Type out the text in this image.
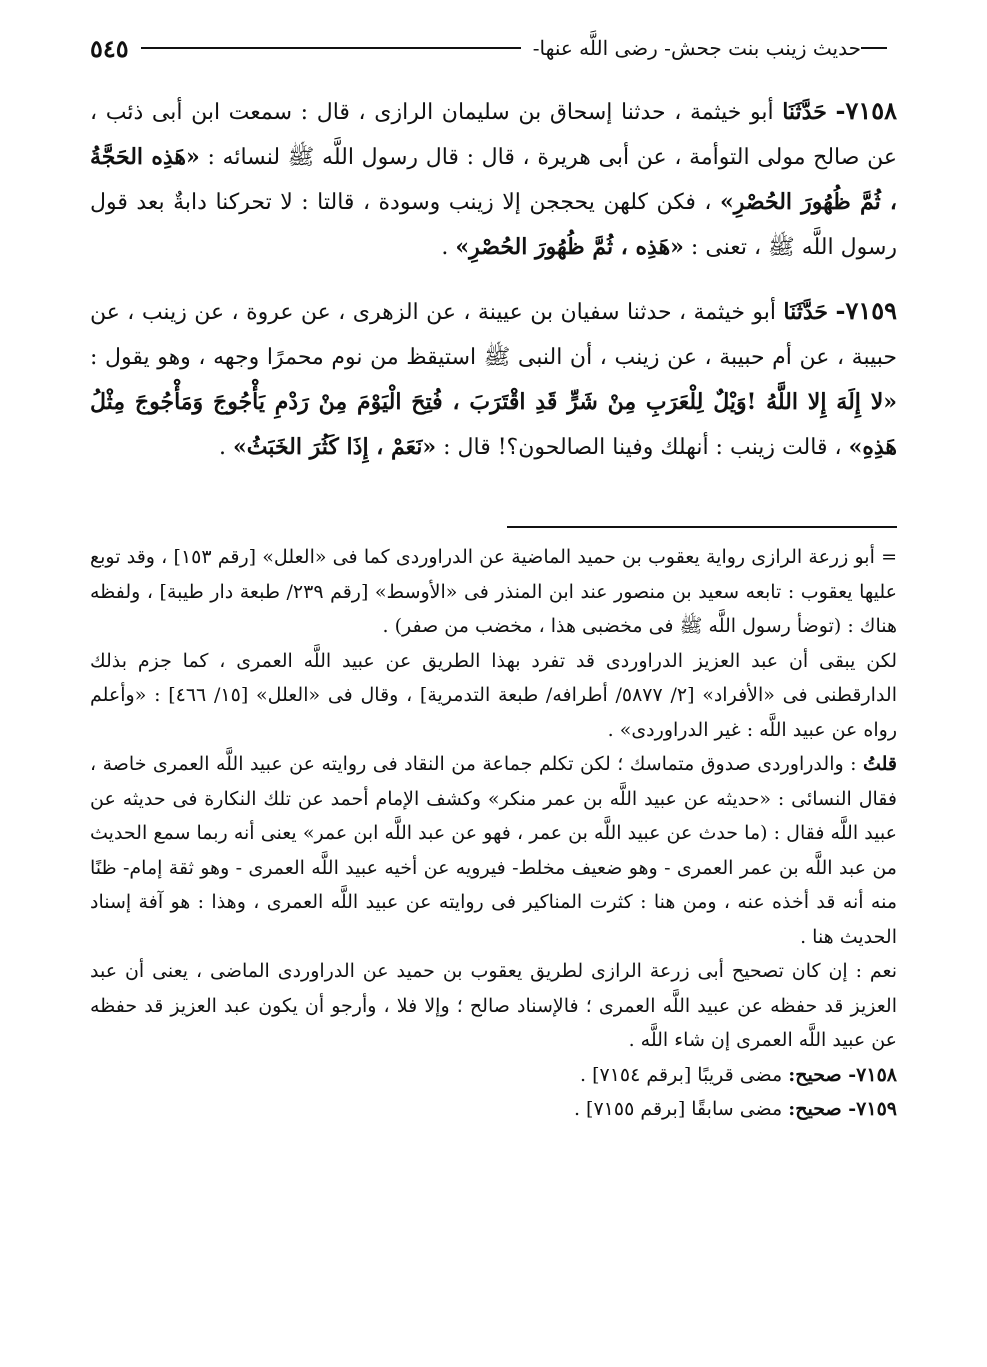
حديث زينب بنت جحش- رضى اللَّه عنها-
٥٤٥

٧١٥٨- حَدَّثَنَا أبو خيثمة ، حدثنا إسحاق بن سليمان الرازى ، قال : سمعت ابن أبى ذئب ، عن صالح مولى التوأمة ، عن أبى هريرة ، قال : قال رسول اللَّه ﷺ لنسائه : «هَذِه الحَجَّةُ ، ثُمَّ ظُهُورَ الحُصْرِ» ، فكن كلهن يحججن إلا زينب وسودة ، قالتا : لا تحركنا دابةٌ بعد قول رسول اللَّه ﷺ ، تعنى : «هَذِه ، ثُمَّ ظُهُورَ الحُصْرِ» .

٧١٥٩- حَدَّثَنَا أبو خيثمة ، حدثنا سفيان بن عيينة ، عن الزهرى ، عن عروة ، عن زينب ، عن حبيبة ، عن أم حبيبة ، عن زينب ، أن النبى ﷺ استيقظ من نوم محمرًا وجهه ، وهو يقول : «لا إِلَهَ إِلا اللَّهُ !وَيْلٌ لِلْعَرَبِ مِنْ شَرٍّ قَدِ اقْتَرَبَ ، فُتِحَ الْيَوْمَ مِنْ رَدْمِ يَأْجُوجَ وَمَأْجُوجَ مِثْلُ هَذِهِ» ، قالت زينب : أنهلك وفينا الصالحون؟! قال : «نَعَمْ ، إِذَا كَثُرَ الخَبَثُ» .

= أبو زرعة الرازى رواية يعقوب بن حميد الماضية عن الدراوردى كما فى «العلل» [رقم ١٥٣] ، وقد توبع عليها يعقوب : تابعه سعيد بن منصور عند ابن المنذر فى «الأوسط» [رقم ٢٣٩/ طبعة دار طيبة] ، ولفظه هناك : (توضأ رسول اللَّه ﷺ فى مخضبى هذا ، مخضب من صفر) .

لكن يبقى أن عبد العزيز الدراوردى قد تفرد بهذا الطريق عن عبيد اللَّه العمرى ، كما جزم بذلك الدارقطنى فى «الأفراد» [٢/ ٥٨٧٧/ أطرافه/ طبعة التدمرية] ، وقال فى «العلل» [١٥/ ٤٦٦] : «وأعلم رواه عن عبيد اللَّه : غير الدراوردى» .

قلتُ : والدراوردى صدوق متماسك ؛ لكن تكلم جماعة من النقاد فى روايته عن عبيد اللَّه العمرى خاصة ، فقال النسائى : «حديثه عن عبيد اللَّه بن عمر منكر» وكشف الإمام أحمد عن تلك النكارة فى حديثه عن عبيد اللَّه فقال : (ما حدث عن عبيد اللَّه بن عمر ، فهو عن عبد اللَّه ابن عمر» يعنى أنه ربما سمع الحديث من عبد اللَّه بن عمر العمرى - وهو ضعيف مخلط- فيرويه عن أخيه عبيد اللَّه العمرى - وهو ثقة إمام- ظنًا منه أنه قد أخذه عنه ، ومن هنا : كثرت المناكير فى روايته عن عبيد اللَّه العمرى ، وهذا : هو آفة إسناد الحديث هنا .

نعم : إن كان تصحيح أبى زرعة الرازى لطريق يعقوب بن حميد عن الدراوردى الماضى ، يعنى أن عبد العزيز قد حفظه عن عبيد اللَّه العمرى ؛ فالإسناد صالح ؛ وإلا فلا ، وأرجو أن يكون عبد العزيز قد حفظه عن عبيد اللَّه العمرى إن شاء اللَّه .

٧١٥٨- صحيح: مضى قريبًا [برقم ٧١٥٤] .

٧١٥٩- صحيح: مضى سابقًا [برقم ٧١٥٥] .
